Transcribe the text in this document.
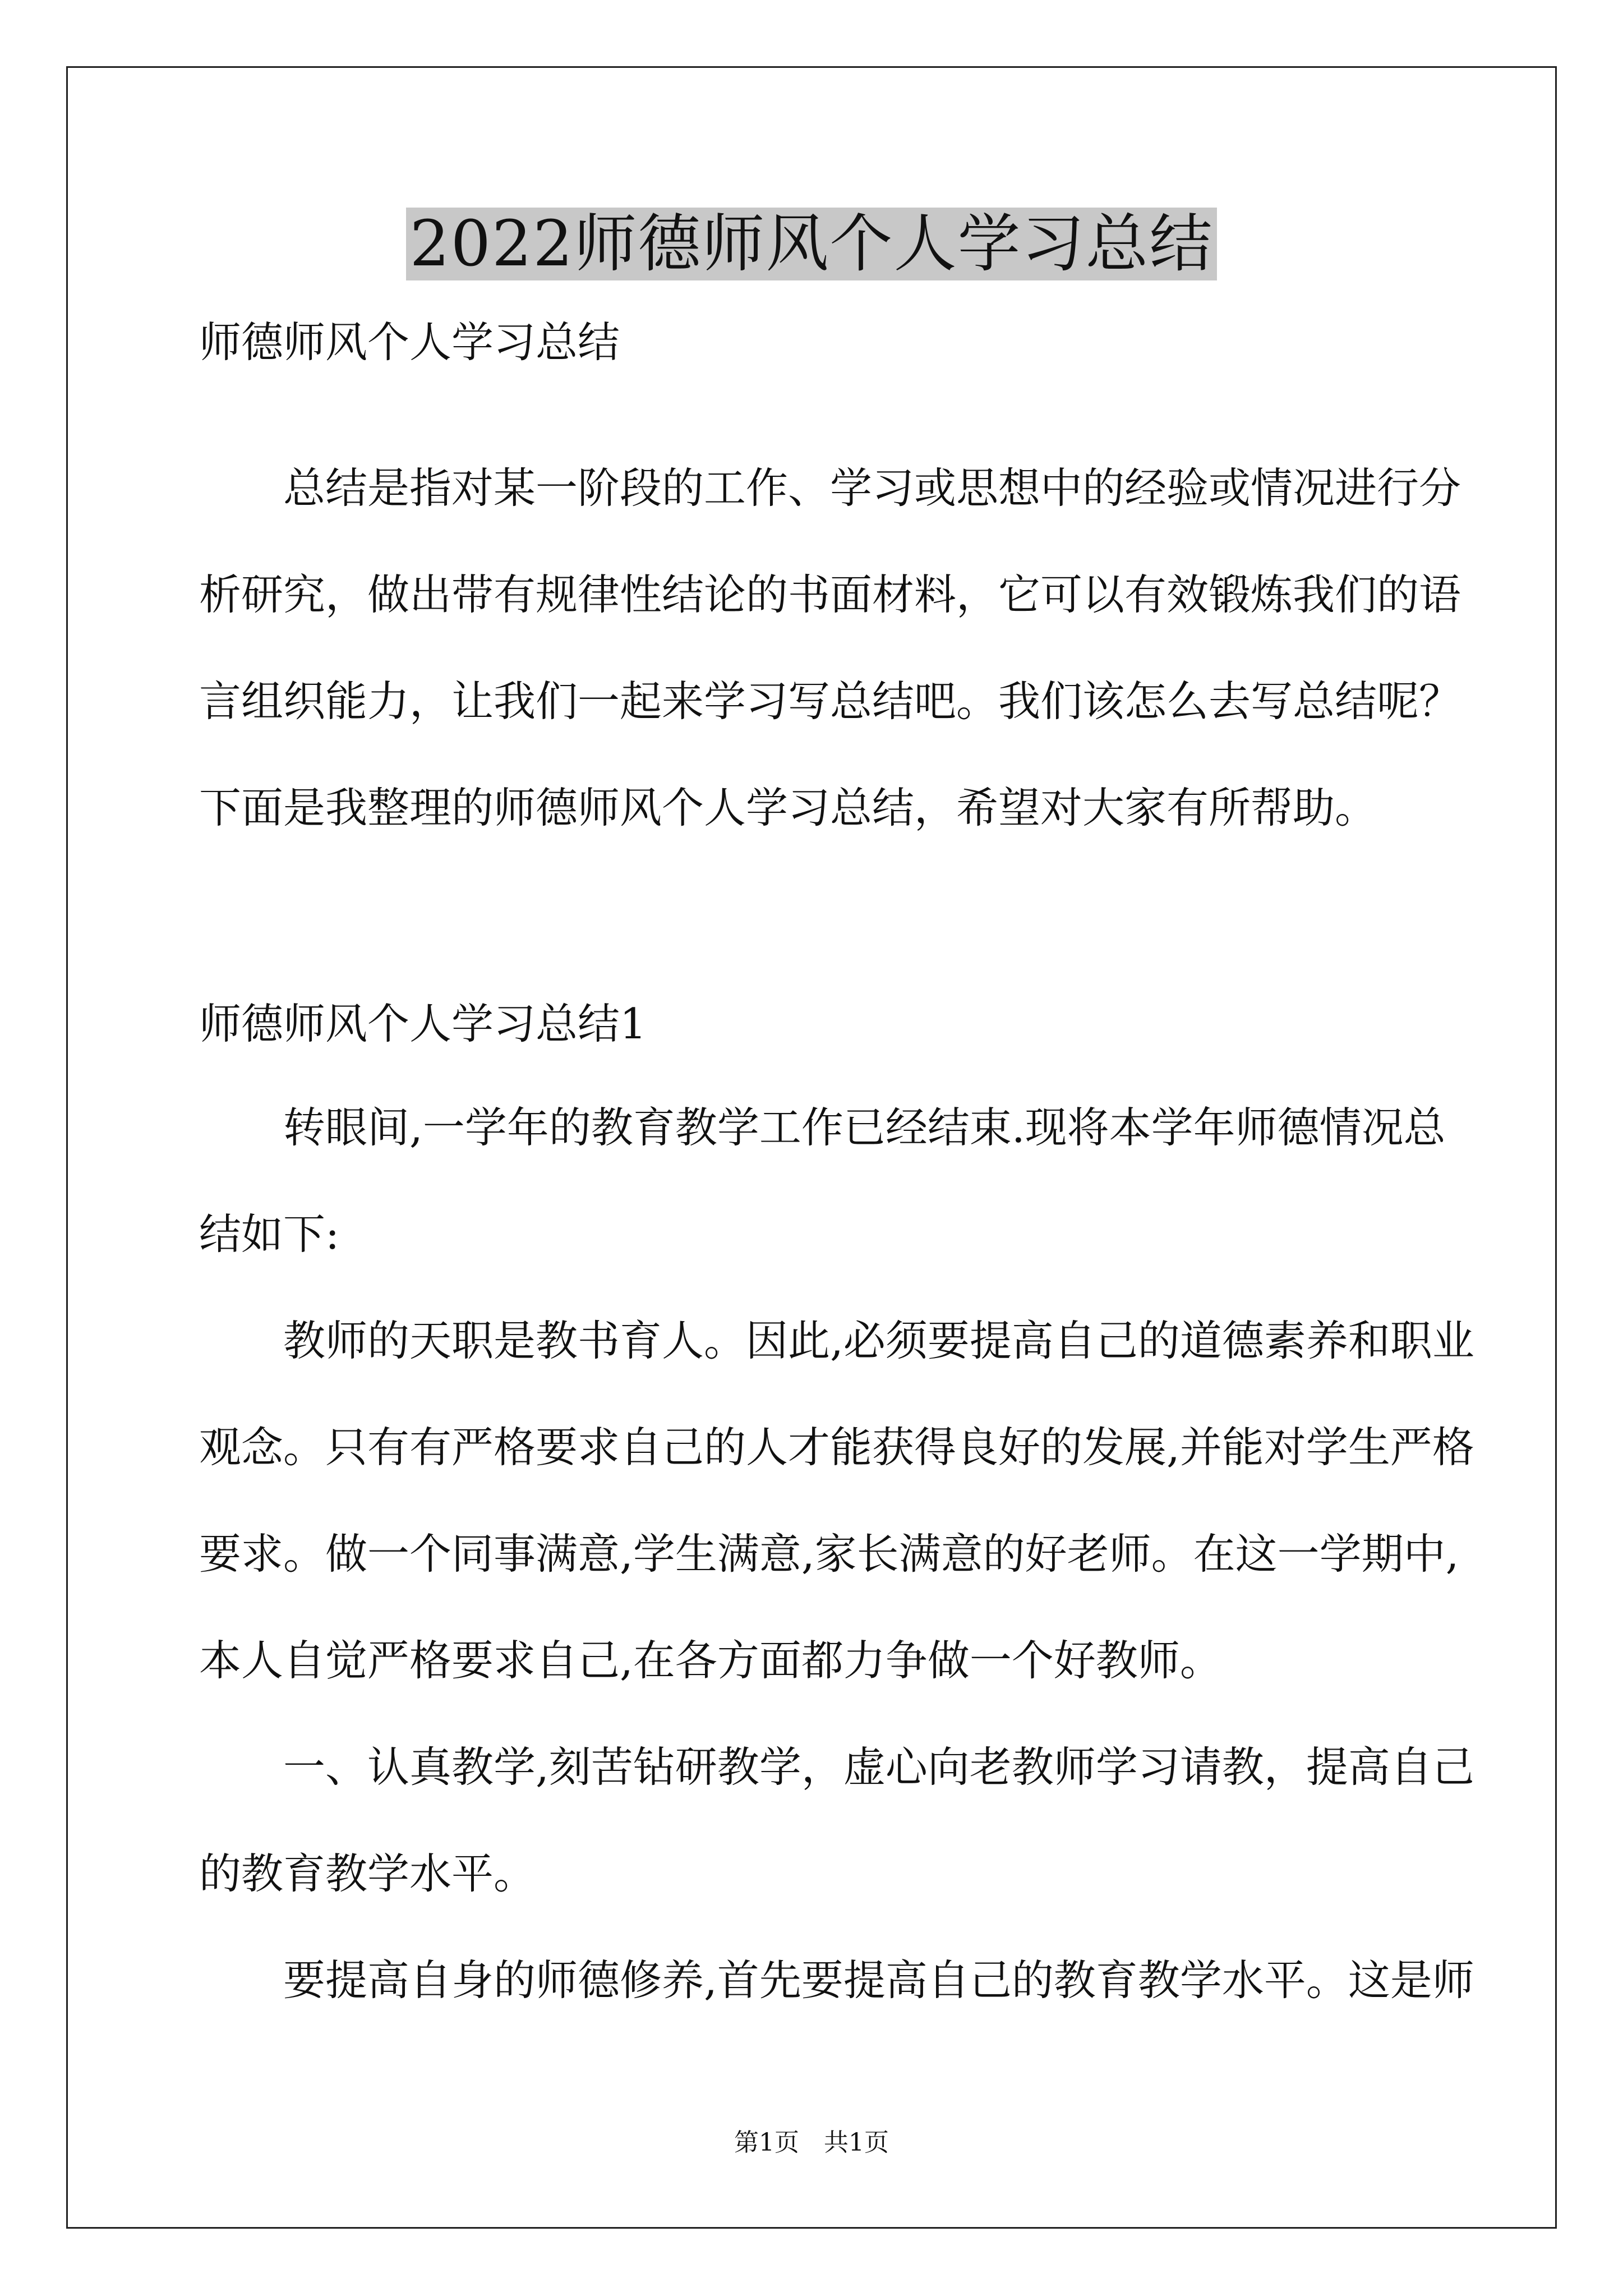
2022师德师风个人学习总结

师德师风个人学习总结

总结是指对某一阶段的工作、学习或思想中的经验或情况进行分

析研究，做出带有规律性结论的书面材料，它可以有效锻炼我们的语

言组织能力，让我们一起来学习写总结吧。我们该怎么去写总结呢？

下面是我整理的师德师风个人学习总结，希望对大家有所帮助。

师德师风个人学习总结1

转眼间,一学年的教育教学工作已经结束.现将本学年师德情况总

结如下:

教师的天职是教书育人。因此,必须要提高自己的道德素养和职业

观念。只有有严格要求自己的人才能获得良好的发展,并能对学生严格

要求。做一个同事满意,学生满意,家长满意的好老师。在这一学期中,

本人自觉严格要求自己,在各方面都力争做一个好教师。

一、认真教学,刻苦钻研教学，虚心向老教师学习请教，提高自己

的教育教学水平。

要提高自身的师德修养,首先要提高自己的教育教学水平。这是师

第1页　共1页
